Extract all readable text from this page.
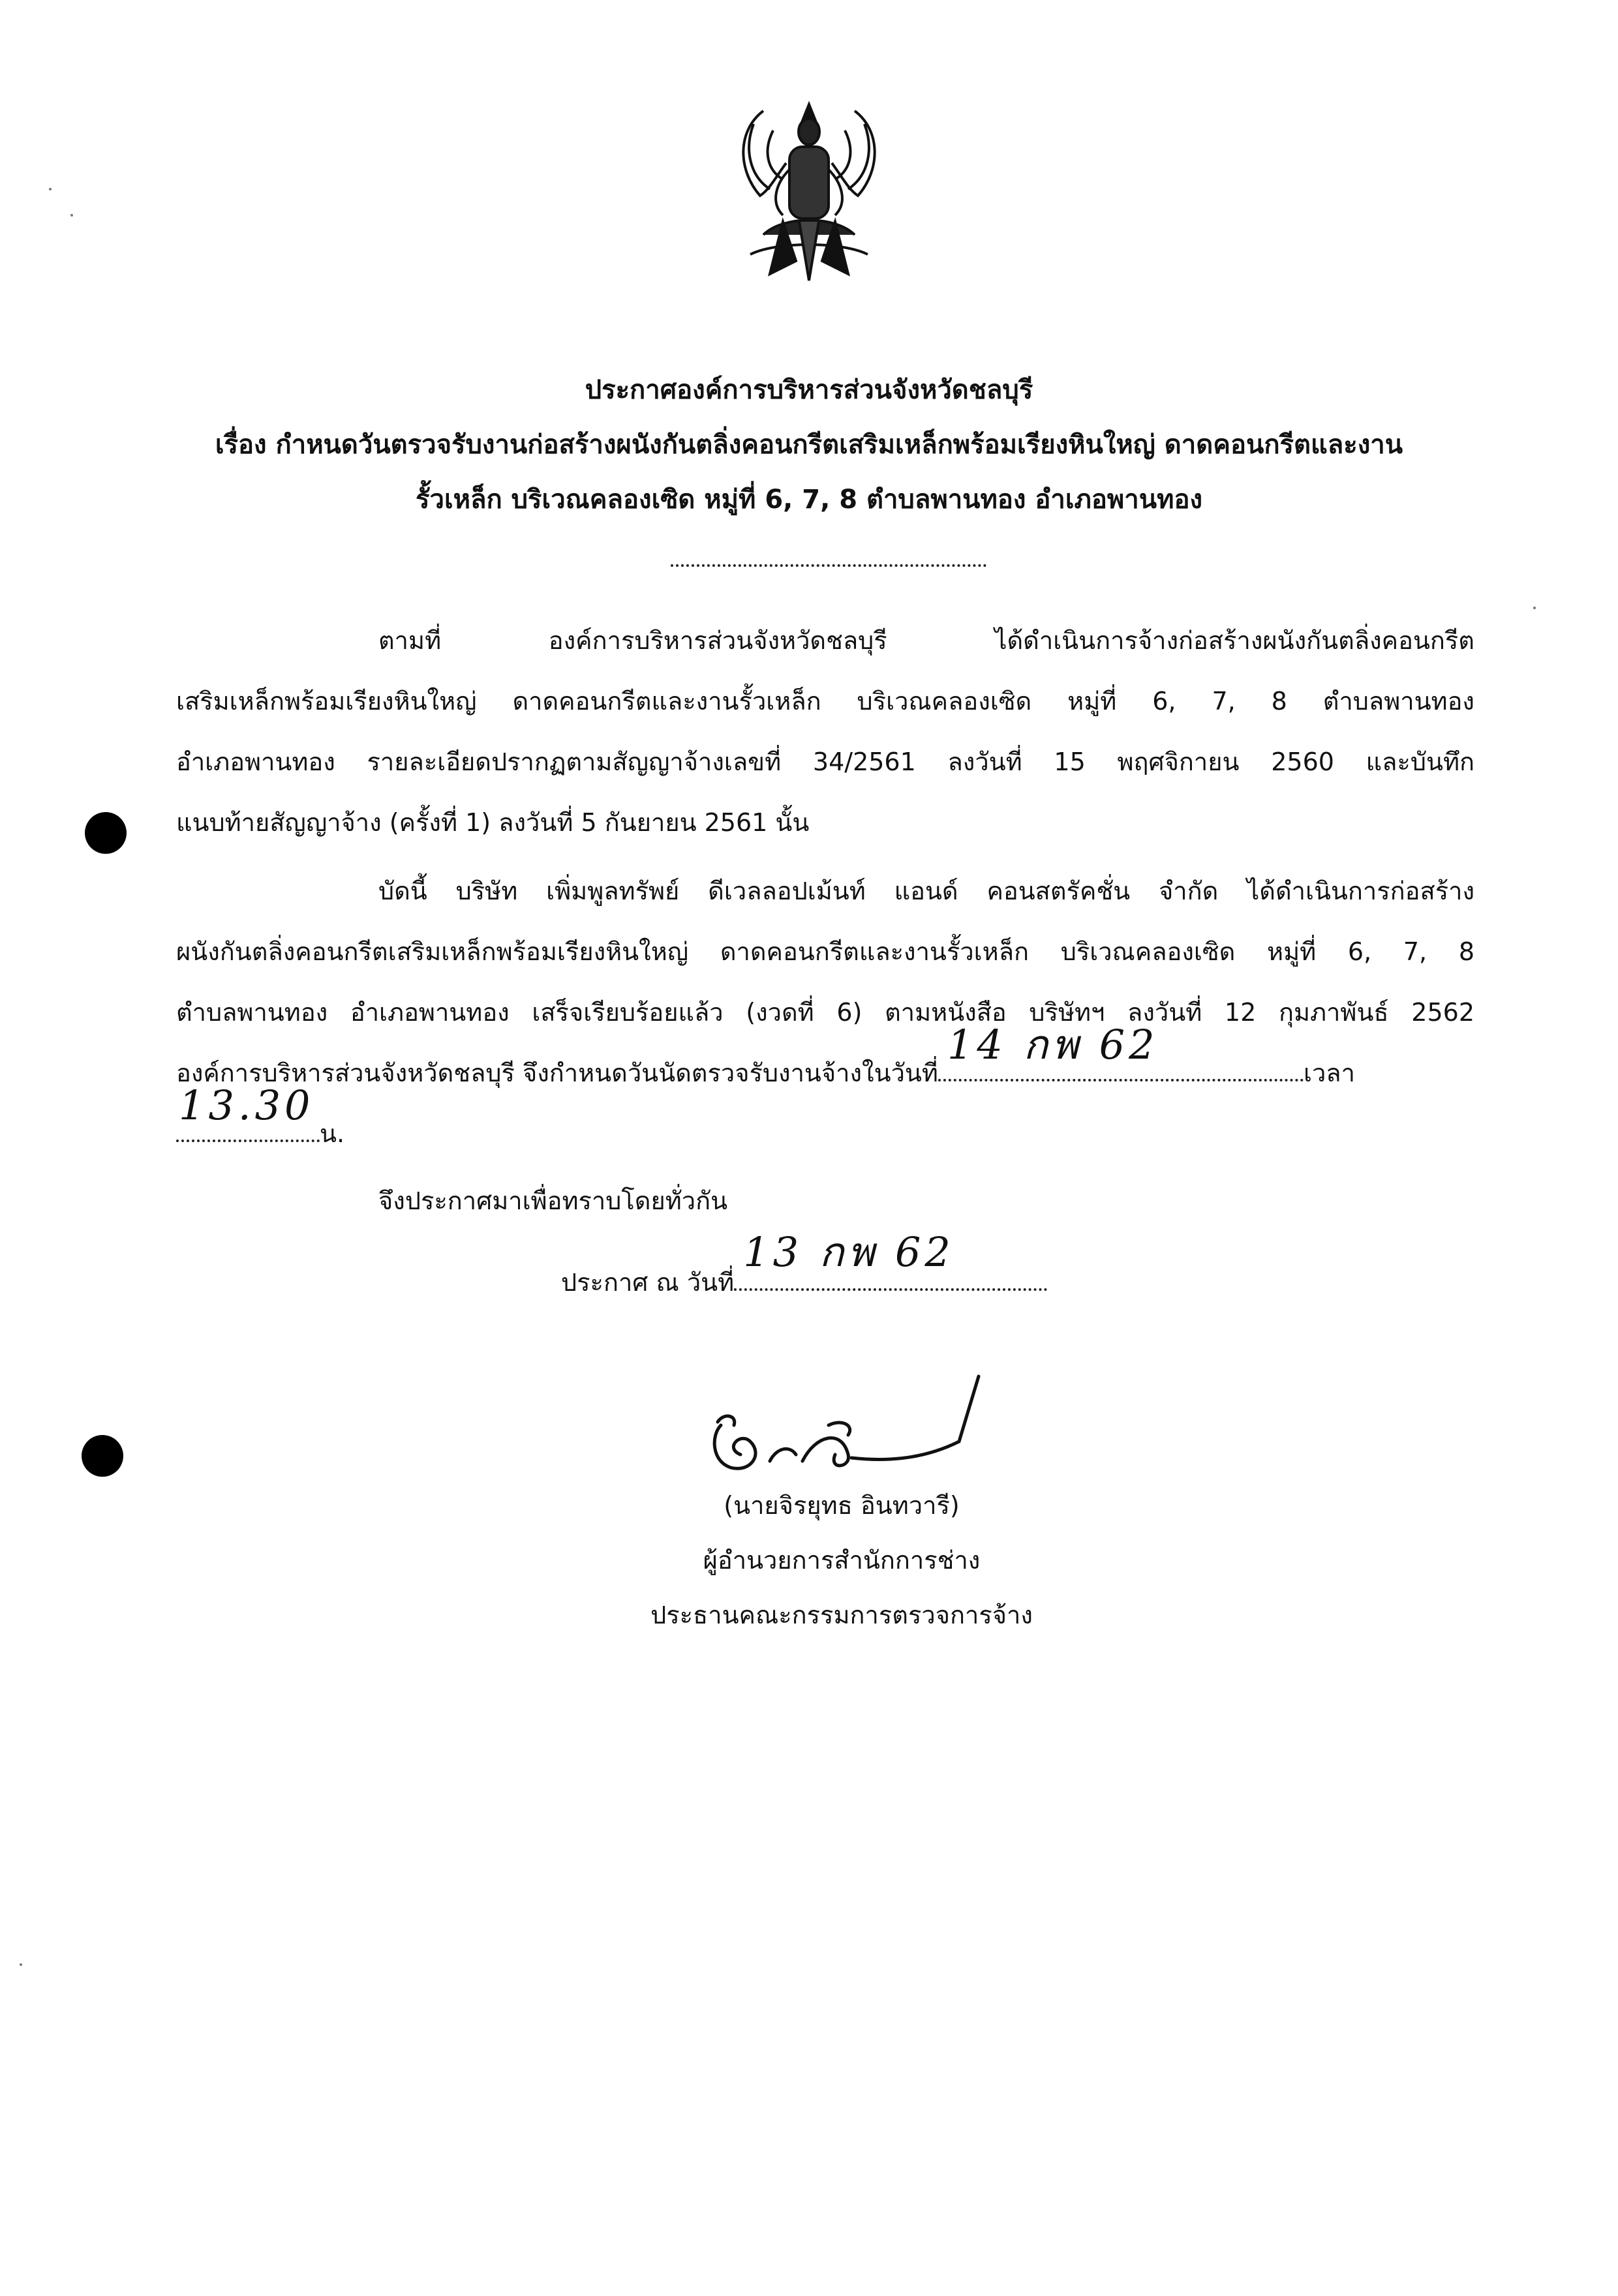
ประกาศองค์การบริหารส่วนจังหวัดชลบุรี
เรื่อง กำหนดวันตรวจรับงานก่อสร้างผนังกันตลิ่งคอนกรีตเสริมเหล็กพร้อมเรียงหินใหญ่ ดาดคอนกรีตและงาน
รั้วเหล็ก บริเวณคลองเซิด หมู่ที่ 6, 7, 8 ตำบลพานทอง อำเภอพานทอง
ตามที่ องค์การบริหารส่วนจังหวัดชลบุรี ได้ดำเนินการจ้างก่อสร้างผนังกันตลิ่งคอนกรีต
เสริมเหล็กพร้อมเรียงหินใหญ่ ดาดคอนกรีตและงานรั้วเหล็ก บริเวณคลองเซิด หมู่ที่ 6, 7, 8 ตำบลพานทอง
อำเภอพานทอง รายละเอียดปรากฏตามสัญญาจ้างเลขที่ 34/2561 ลงวันที่ 15 พฤศจิกายน 2560 และบันทึก
แนบท้ายสัญญาจ้าง (ครั้งที่ 1) ลงวันที่ 5 กันยายน 2561 นั้น
บัดนี้ บริษัท เพิ่มพูลทรัพย์ ดีเวลลอปเม้นท์ แอนด์ คอนสตรัคชั่น จำกัด ได้ดำเนินการก่อสร้าง
ผนังกันตลิ่งคอนกรีตเสริมเหล็กพร้อมเรียงหินใหญ่ ดาดคอนกรีตและงานรั้วเหล็ก บริเวณคลองเซิด หมู่ที่ 6, 7, 8
ตำบลพานทอง อำเภอพานทอง เสร็จเรียบร้อยแล้ว (งวดที่ 6) ตามหนังสือ บริษัทฯ ลงวันที่ 12 กุมภาพันธ์ 2562
องค์การบริหารส่วนจังหวัดชลบุรี จึงกำหนดวันนัดตรวจรับงานจ้างในวันที่
14 กพ 62
เวลา
13.30
น.
จึงประกาศมาเพื่อทราบโดยทั่วกัน
ประกาศ ณ วันที่
13 กพ 62
(นายจิรยุทธ อินทวารี)
ผู้อำนวยการสำนักการช่าง
ประธานคณะกรรมการตรวจการจ้าง
